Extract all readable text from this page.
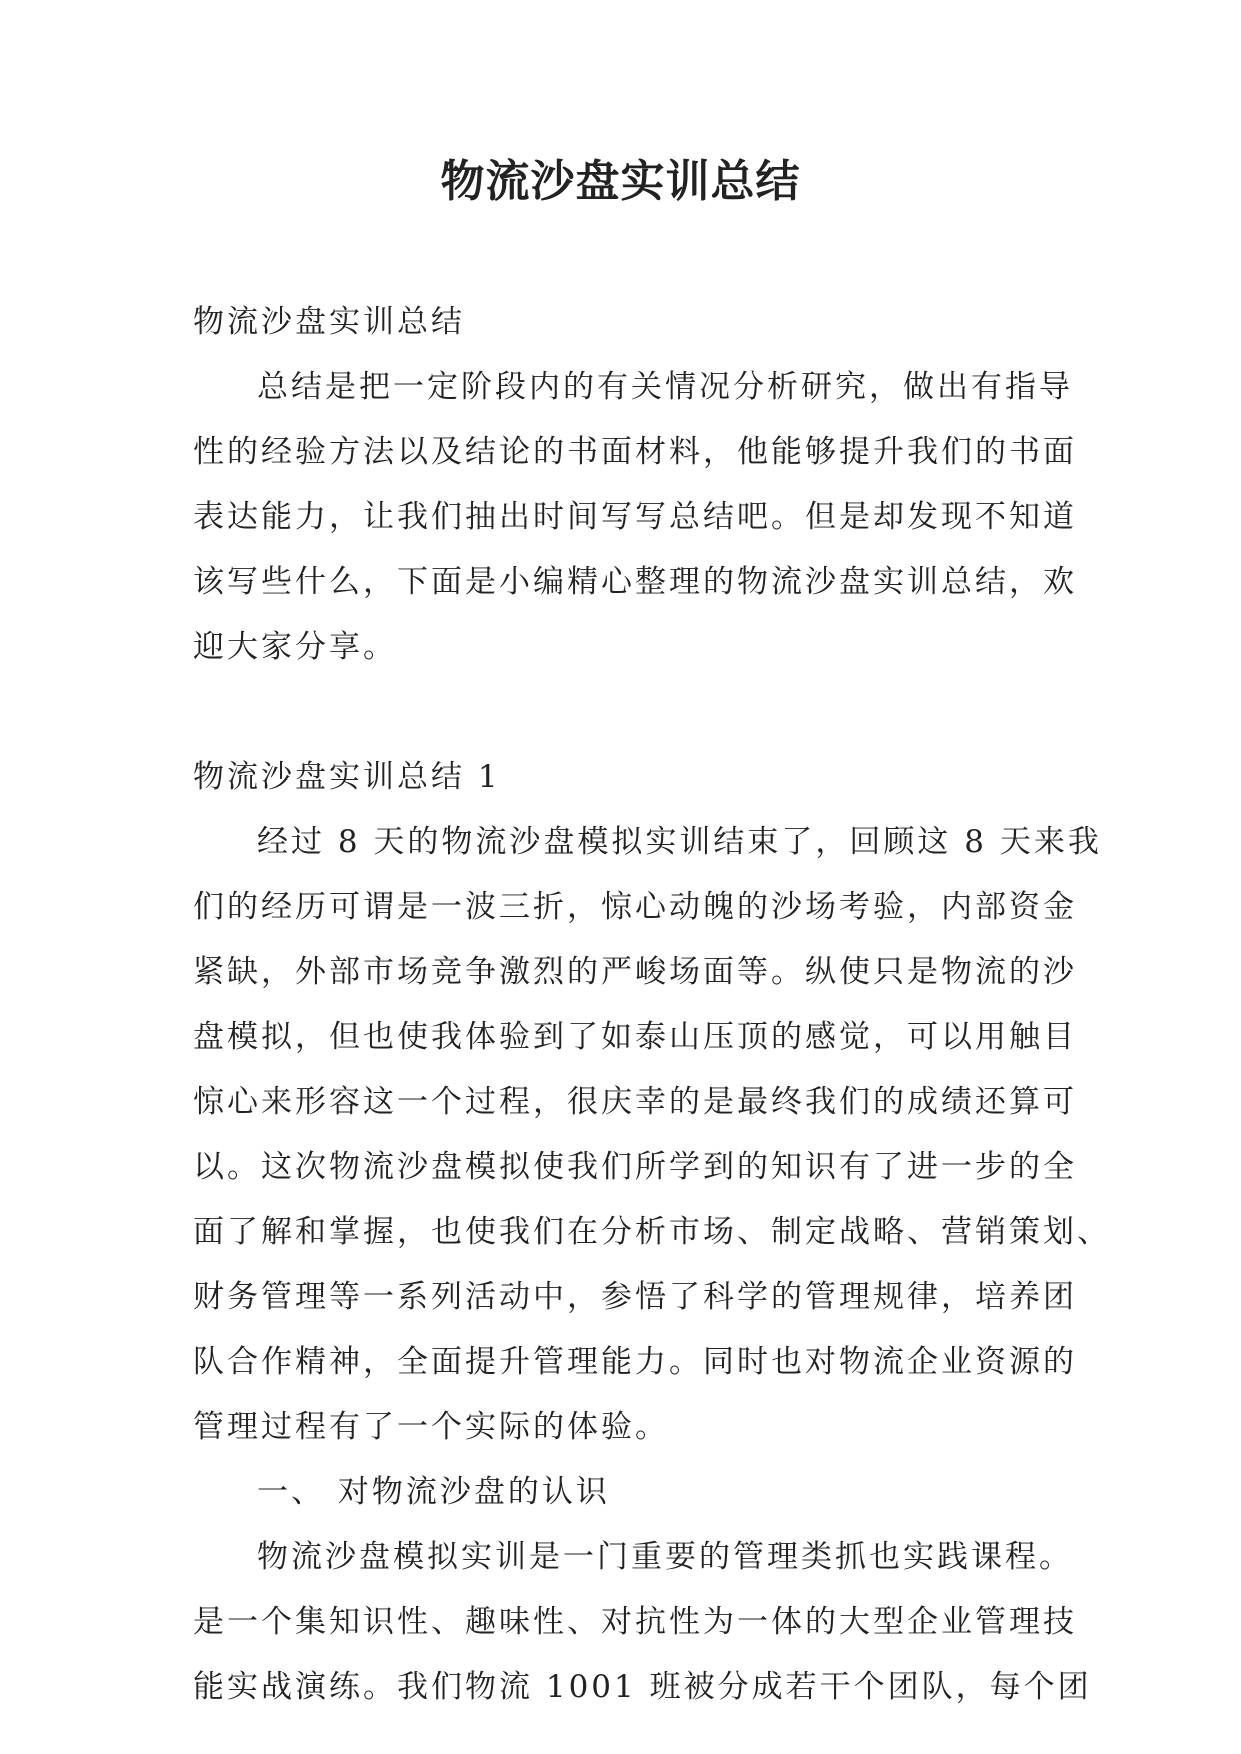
物流沙盘实训总结
物流沙盘实训总结
总结是把一定阶段内的有关情况分析研究，做出有指导
性的经验方法以及结论的书面材料，他能够提升我们的书面
表达能力，让我们抽出时间写写总结吧。但是却发现不知道
该写些什么，下面是小编精心整理的物流沙盘实训总结，欢
迎大家分享。
物流沙盘实训总结 1
经过 8 天的物流沙盘模拟实训结束了，回顾这 8 天来我
们的经历可谓是一波三折，惊心动魄的沙场考验，内部资金
紧缺，外部市场竞争激烈的严峻场面等。纵使只是物流的沙
盘模拟，但也使我体验到了如泰山压顶的感觉，可以用触目
惊心来形容这一个过程，很庆幸的是最终我们的成绩还算可
以。这次物流沙盘模拟使我们所学到的知识有了进一步的全
面了解和掌握，也使我们在分析市场、制定战略、营销策划、
财务管理等一系列活动中，参悟了科学的管理规律，培养团
队合作精神，全面提升管理能力。同时也对物流企业资源的
管理过程有了一个实际的体验。
一、 对物流沙盘的认识
物流沙盘模拟实训是一门重要的管理类抓也实践课程。
是一个集知识性、趣味性、对抗性为一体的大型企业管理技
能实战演练。我们物流 1001 班被分成若干个团队，每个团
